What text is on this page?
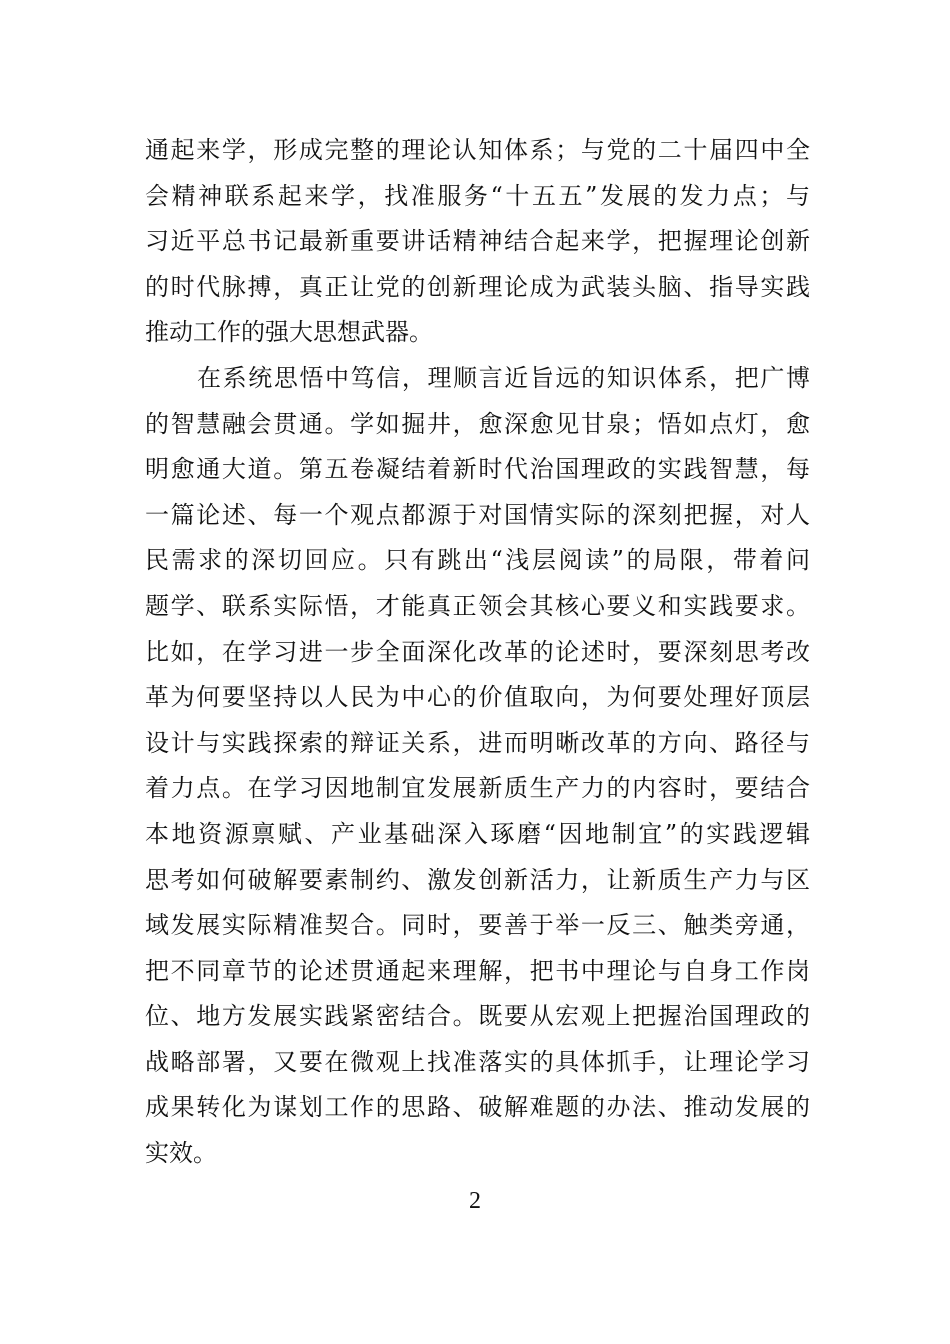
通起来学，形成完整的理论认知体系；与党的二十届四中全
会精神联系起来学，找准服务“十五五”发展的发力点；与
习近平总书记最新重要讲话精神结合起来学，把握理论创新
的时代脉搏，真正让党的创新理论成为武装头脑、指导实践
推动工作的强大思想武器。
在系统思悟中笃信，理顺言近旨远的知识体系，把广博
的智慧融会贯通。学如掘井，愈深愈见甘泉；悟如点灯，愈
明愈通大道。第五卷凝结着新时代治国理政的实践智慧，每
一篇论述、每一个观点都源于对国情实际的深刻把握，对人
民需求的深切回应。只有跳出“浅层阅读”的局限，带着问
题学、联系实际悟，才能真正领会其核心要义和实践要求。
比如，在学习进一步全面深化改革的论述时，要深刻思考改
革为何要坚持以人民为中心的价值取向，为何要处理好顶层
设计与实践探索的辩证关系，进而明晰改革的方向、路径与
着力点。在学习因地制宜发展新质生产力的内容时，要结合
本地资源禀赋、产业基础深入琢磨“因地制宜”的实践逻辑
思考如何破解要素制约、激发创新活力，让新质生产力与区
域发展实际精准契合。同时，要善于举一反三、触类旁通，
把不同章节的论述贯通起来理解，把书中理论与自身工作岗
位、地方发展实践紧密结合。既要从宏观上把握治国理政的
战略部署，又要在微观上找准落实的具体抓手，让理论学习
成果转化为谋划工作的思路、破解难题的办法、推动发展的
实效。
2
